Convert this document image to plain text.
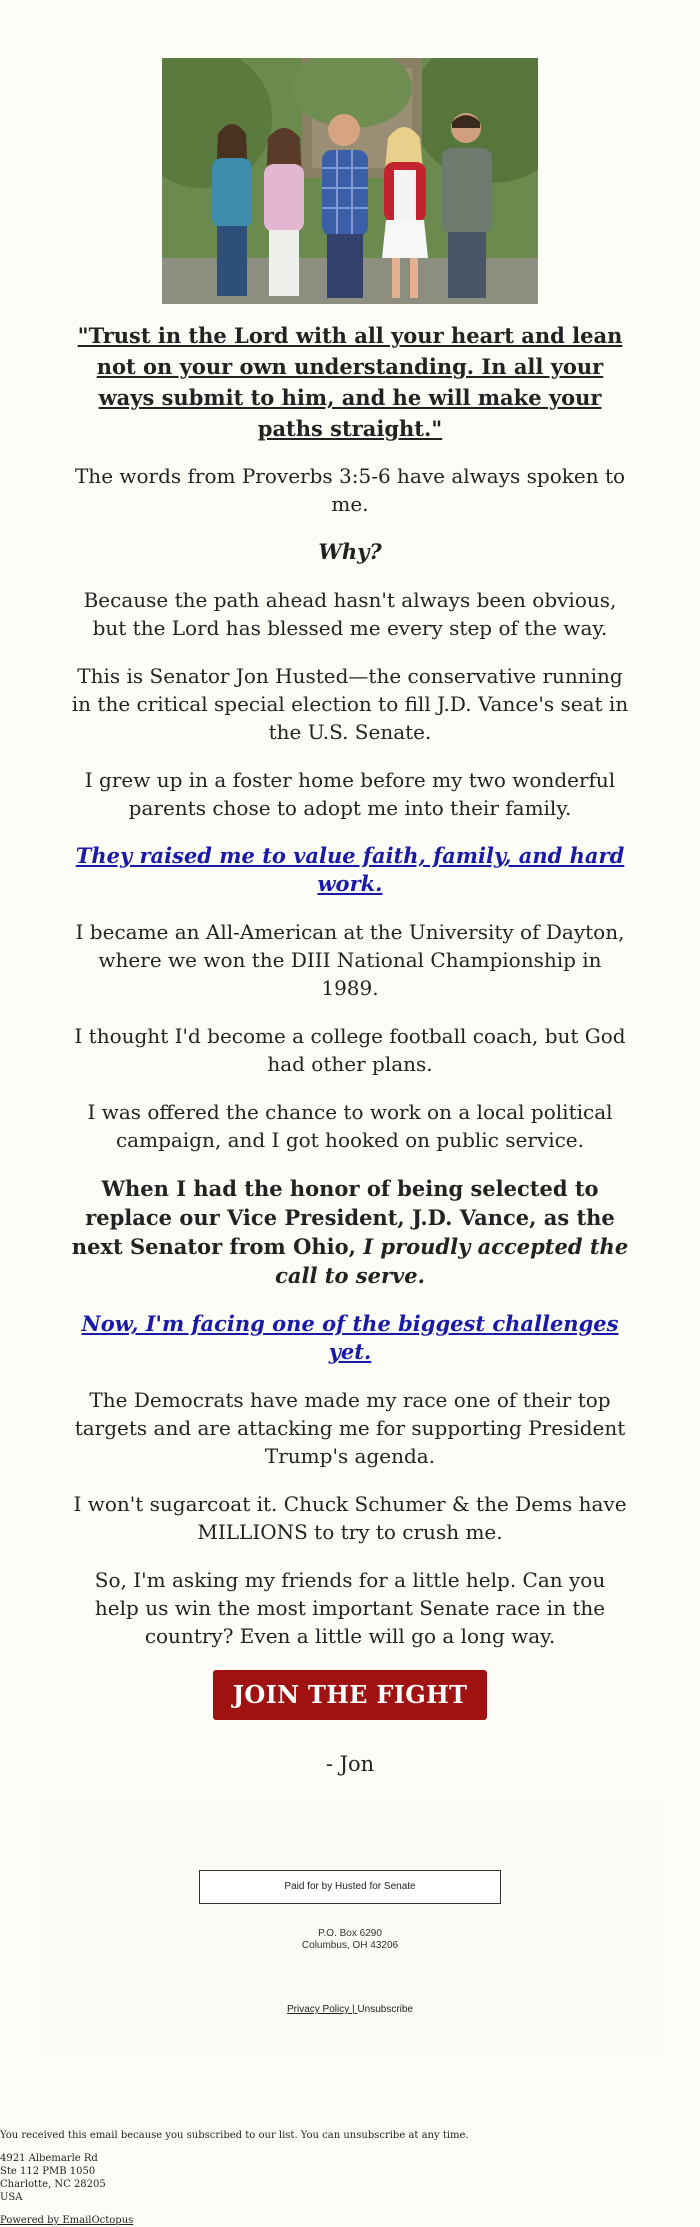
"Trust in the Lord with all your heart and lean not on your own understanding. In all your ways submit to him, and he will make your paths straight."

The words from Proverbs 3:5-6 have always spoken to me.

Why?

Because the path ahead hasn't always been obvious, but the Lord has blessed me every step of the way.

This is Senator Jon Husted—the conservative running in the critical special election to fill J.D. Vance's seat in the U.S. Senate.

I grew up in a foster home before my two wonderful parents chose to adopt me into their family.

They raised me to value faith, family, and hard work.

I became an All-American at the University of Dayton, where we won the DIII National Championship in 1989.

I thought I'd become a college football coach, but God had other plans.

I was offered the chance to work on a local political campaign, and I got hooked on public service.

When I had the honor of being selected to replace our Vice President, J.D. Vance, as the next Senator from Ohio, I proudly accepted the call to serve.

Now, I'm facing one of the biggest challenges yet.

The Democrats have made my race one of their top targets and are attacking me for supporting President Trump's agenda.

I won't sugarcoat it. Chuck Schumer & the Dems have MILLIONS to try to crush me.

So, I'm asking my friends for a little help. Can you help us win the most important Senate race in the country? Even a little will go a long way.

JOIN THE FIGHT

- Jon

Paid for by Husted for Senate
P.O. Box 6290
Columbus, OH 43206
Privacy Policy | Unsubscribe
You received this email because you subscribed to our list. You can unsubscribe at any time.
4921 Albemarle Rd
Ste 112 PMB 1050
Charlotte, NC 28205
USA
Powered by EmailOctopus
